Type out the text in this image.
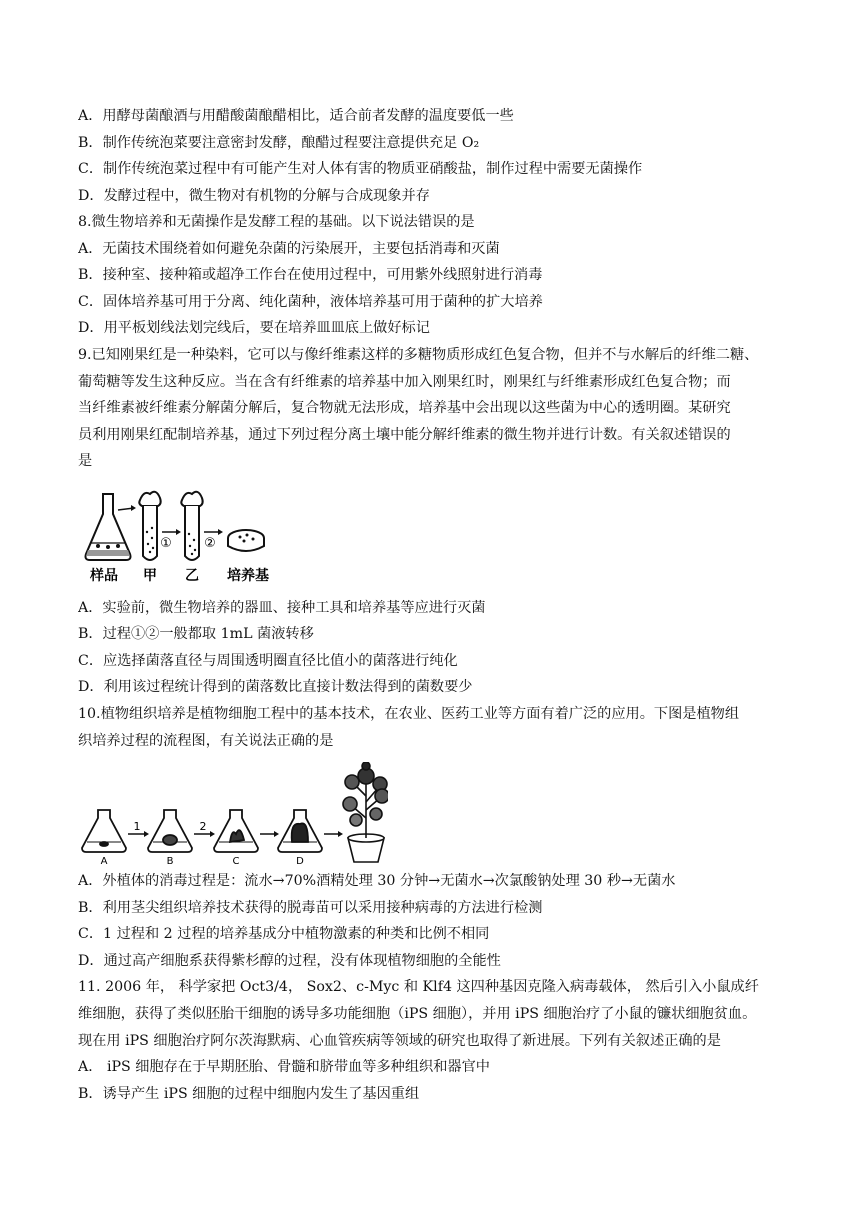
A．用酵母菌酿酒与用醋酸菌酿醋相比，适合前者发酵的温度要低一些
B．制作传统泡菜要注意密封发酵，酿醋过程要注意提供充足 O₂
C．制作传统泡菜过程中有可能产生对人体有害的物质亚硝酸盐，制作过程中需要无菌操作
D．发酵过程中，微生物对有机物的分解与合成现象并存
8.微生物培养和无菌操作是发酵工程的基础。以下说法错误的是
A．无菌技术围绕着如何避免杂菌的污染展开，主要包括消毒和灭菌
B．接种室、接种箱或超净工作台在使用过程中，可用紫外线照射进行消毒
C．固体培养基可用于分离、纯化菌种，液体培养基可用于菌种的扩大培养
D．用平板划线法划完线后，要在培养皿皿底上做好标记
9.已知刚果红是一种染料，它可以与像纤维素这样的多糖物质形成红色复合物，但并不与水解后的纤维二糖、
葡萄糖等发生这种反应。当在含有纤维素的培养基中加入刚果红时，刚果红与纤维素形成红色复合物；而
当纤维素被纤维素分解菌分解后，复合物就无法形成，培养基中会出现以这些菌为中心的透明圈。某研究
员利用刚果红配制培养基，通过下列过程分离土壤中能分解纤维素的微生物并进行计数。有关叙述错误的
是
① ②
样品 甲 乙 培养基
A．实验前，微生物培养的器皿、接种工具和培养基等应进行灭菌
B．过程①②一般都取 1mL 菌液转移
C．应选择菌落直径与周围透明圈直径比值小的菌落进行纯化
D．利用该过程统计得到的菌落数比直接计数法得到的菌数要少
10.植物组织培养是植物细胞工程中的基本技术，在农业、医药工业等方面有着广泛的应用。下图是植物组
织培养过程的流程图，有关说法正确的是
1	2
A	B	C	D
A．外植体的消毒过程是：流水→70%酒精处理 30 分钟→无菌水→次氯酸钠处理 30 秒→无菌水
B．利用茎尖组织培养技术获得的脱毒苗可以采用接种病毒的方法进行检测
C．1 过程和 2 过程的培养基成分中植物激素的种类和比例不相同
D．通过高产细胞系获得紫杉醇的过程，没有体现植物细胞的全能性
11. 2006 年， 科学家把 Oct3/4， Sox2、c-Myc 和 Klf4 这四种基因克隆入病毒载体， 然后引入小鼠成纤
维细胞，获得了类似胚胎干细胞的诱导多功能细胞（iPS 细胞），并用 iPS 细胞治疗了小鼠的镰状细胞贫血。
现在用 iPS 细胞治疗阿尔茨海默病、心血管疾病等领域的研究也取得了新进展。下列有关叙述正确的是
A． iPS 细胞存在于早期胚胎、骨髓和脐带血等多种组织和器官中
B．诱导产生 iPS 细胞的过程中细胞内发生了基因重组
